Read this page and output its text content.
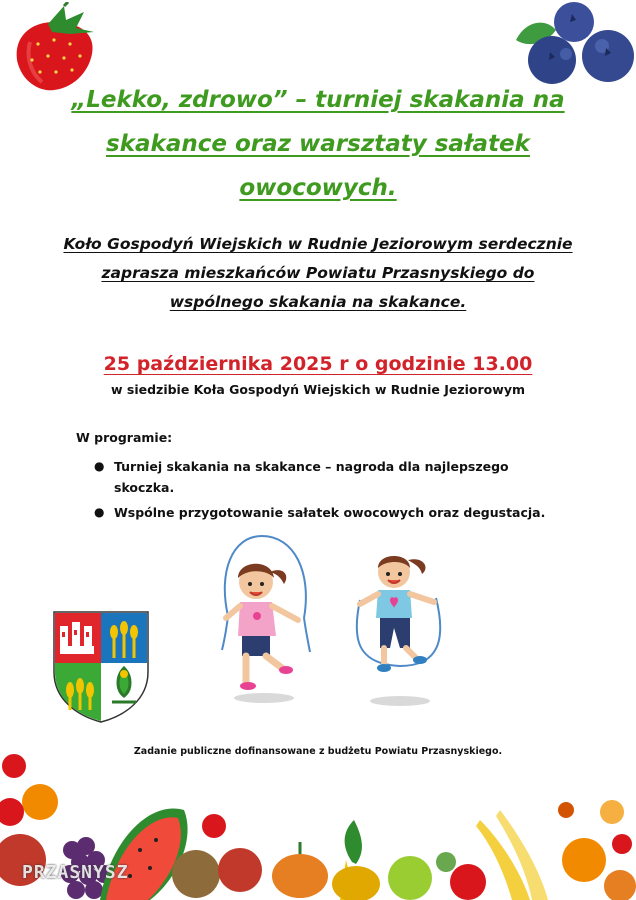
„Lekko, zdrowo” – turniej skakania na
skakance oraz warsztaty sałatek
owocowych.
Koło Gospodyń Wiejskich w Rudnie Jeziorowym serdecznie
zaprasza mieszkańców Powiatu Przasnyskiego do
wspólnego skakania na skakance.
25 października 2025 r o godzinie 13.00
w siedzibie Koła Gospodyń Wiejskich w Rudnie Jeziorowym
W programie:
● Turniej skakania na skakance – nagroda dla najlepszego skoczka.
● Wspólne przygotowanie sałatek owocowych oraz degustacja.
Zadanie publiczne dofinansowane z budżetu Powiatu Przasnyskiego.
PRZASNYSZ
